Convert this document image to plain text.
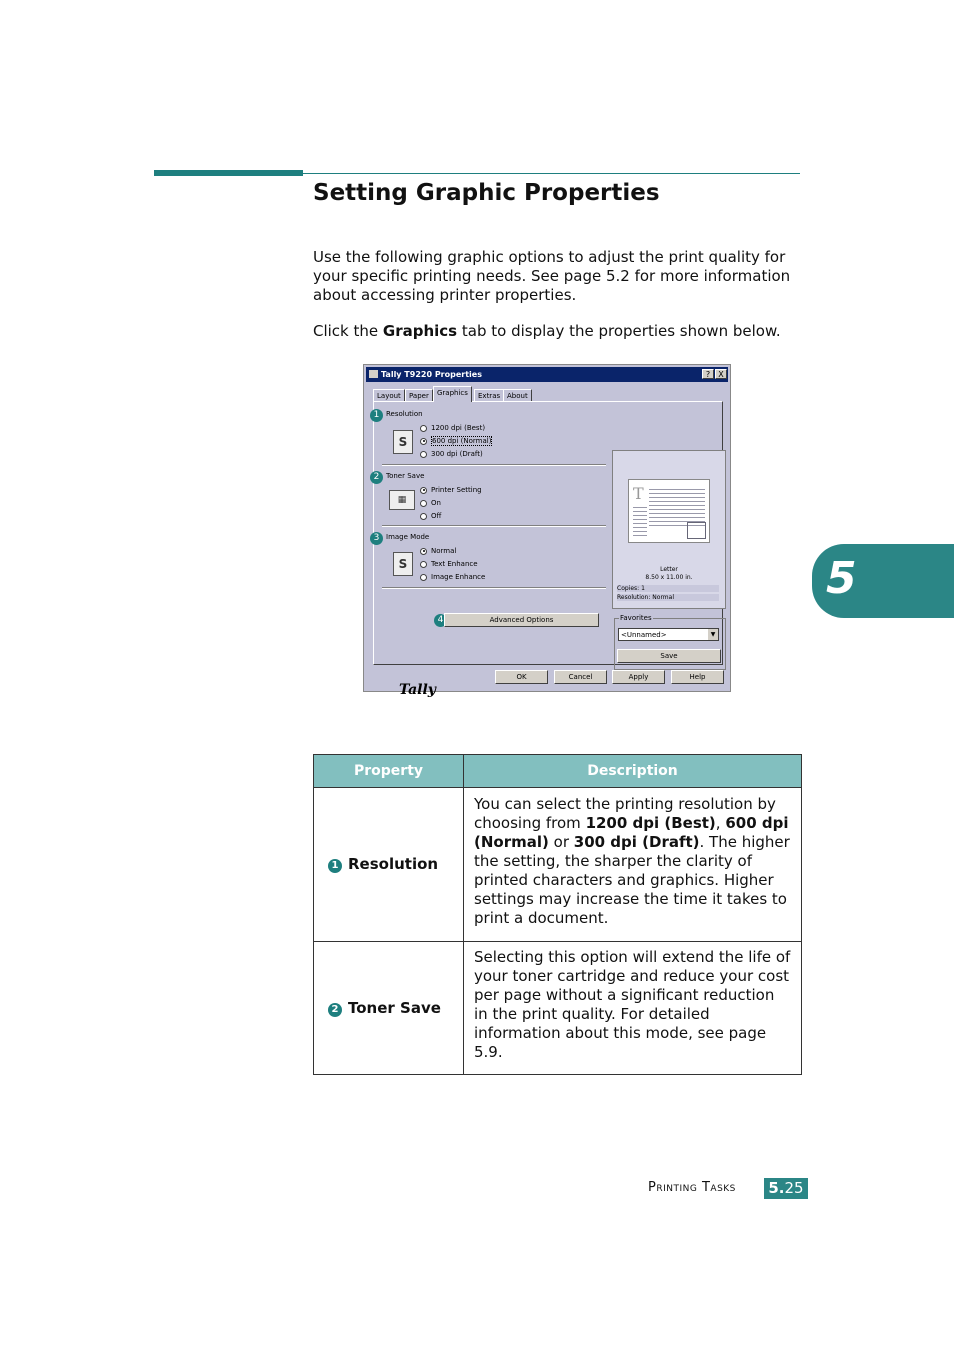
Setting Graphic Properties

Use the following graphic options to adjust the print quality for your specific printing needs. See page 5.2 for more information about accessing printer properties.

Click the Graphics tab to display the properties shown below.

5
Tally T9220 Properties	?	X
Layout	Paper	Graphics	Extras About
1 Resolution
S
1200 dpi (Best)
600 dpi (Normal)
300 dpi (Draft)
2 Toner Save
▦
Printer Setting
On
Off
3 Image Mode
S
Normal
Text Enhance
Image Enhance
4	Advanced Options
T
Letter
8.50 x 11.00 in.
Copies: 1
Resolution: Normal
Favorites
<Unnamed>	▼
Save
Tally
OK	Cancel	Apply	Help
Property	Description
1 Resolution	You can select the printing resolution by choosing from 1200 dpi (Best), 600 dpi (Normal) or 300 dpi (Draft). The higher the setting, the sharper the clarity of printed characters and graphics. Higher settings may increase the time it takes to print a document.
2 Toner Save	Selecting this option will extend the life of your toner cartridge and reduce your cost per page without a significant reduction in the print quality. For detailed information about this mode, see page 5.9.
Printing Tasks 5.25
